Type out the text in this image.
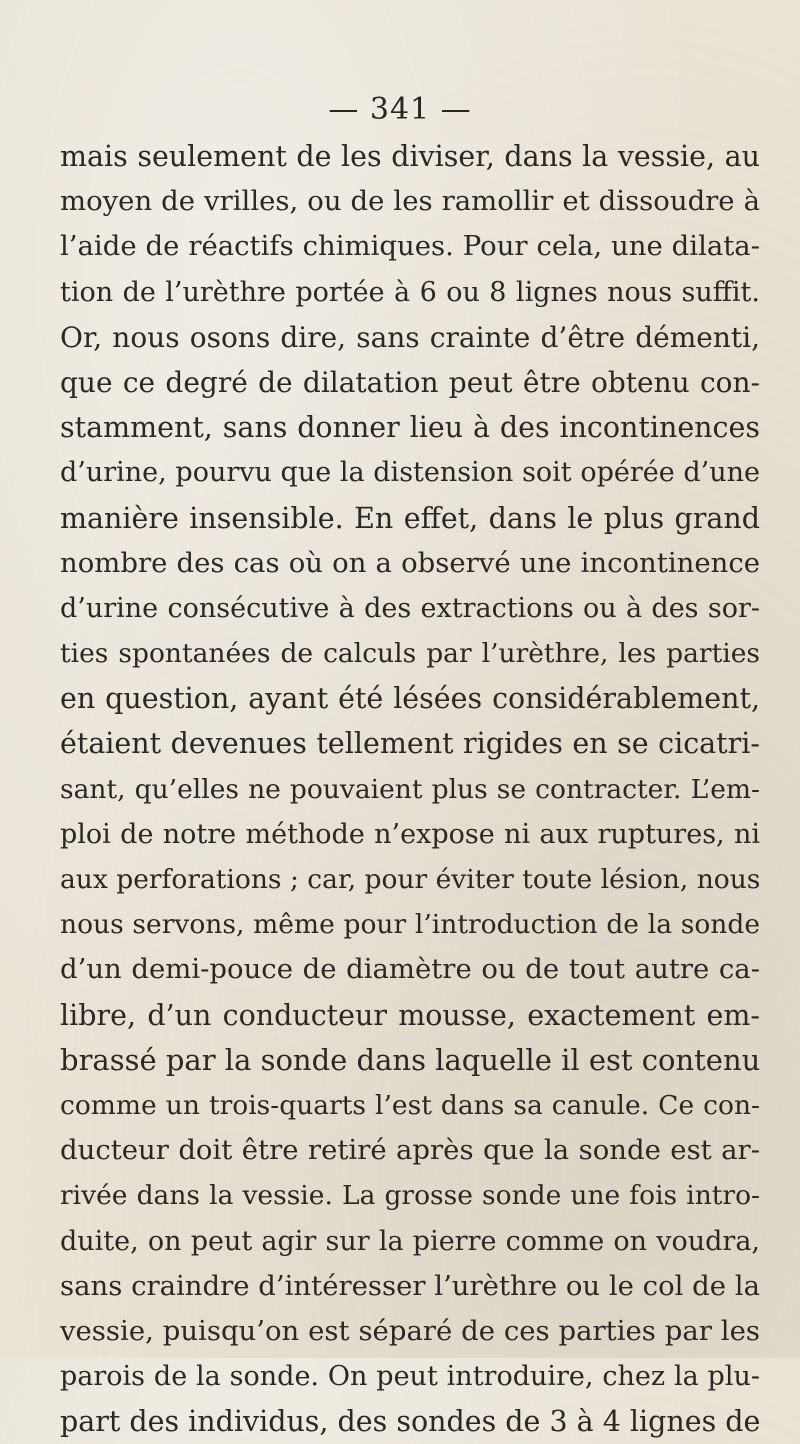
— 341 —
mais seulement de les diviser, dans la vessie, au
moyen de vrilles, ou de les ramollir et dissoudre à
l’aide de réactifs chimiques. Pour cela, une dilata-
tion de l’urèthre portée à 6 ou 8 lignes nous suffit.
Or, nous osons dire, sans crainte d’être démenti,
que ce degré de dilatation peut être obtenu con-
stamment, sans donner lieu à des incontinences
d’urine, pourvu que la distension soit opérée d’une
manière insensible. En effet, dans le plus grand
nombre des cas où on a observé une incontinence
d’urine consécutive à des extractions ou à des sor-
ties spontanées de calculs par l’urèthre, les parties
en question, ayant été lésées considérablement,
étaient devenues tellement rigides en se cicatri-
sant, qu’elles ne pouvaient plus se contracter. L’em-
ploi de notre méthode n’expose ni aux ruptures, ni
aux perforations ; car, pour éviter toute lésion, nous
nous servons, même pour l’introduction de la sonde
d’un demi-pouce de diamètre ou de tout autre ca-
libre, d’un conducteur mousse, exactement em-
brassé par la sonde dans laquelle il est contenu
comme un trois-quarts l’est dans sa canule. Ce con-
ducteur doit être retiré après que la sonde est ar-
rivée dans la vessie. La grosse sonde une fois intro-
duite, on peut agir sur la pierre comme on voudra,
sans craindre d’intéresser l’urèthre ou le col de la
vessie, puisqu’on est séparé de ces parties par les
parois de la sonde. On peut introduire, chez la plu-
part des individus, des sondes de 3 à 4 lignes de
